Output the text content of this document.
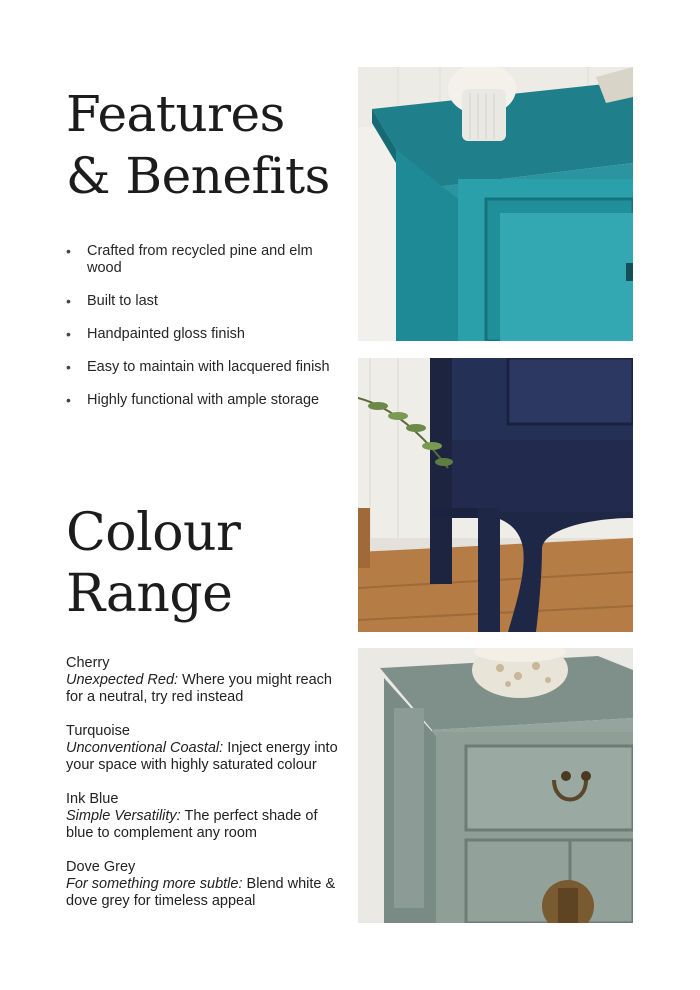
Features
& Benefits
• Crafted from recycled pine and elm wood
• Built to last
• Handpainted gloss finish
• Easy to maintain with lacquered finish
• Highly functional with ample storage
Colour
Range
Cherry
Unexpected Red: Where you might reach for a neutral, try red instead
Turquoise
Unconventional Coastal: Inject energy into your space with highly saturated colour
Ink Blue
Simple Versatility: The perfect shade of blue to complement any room
Dove Grey
For something more subtle: Blend white & dove grey for timeless appeal
